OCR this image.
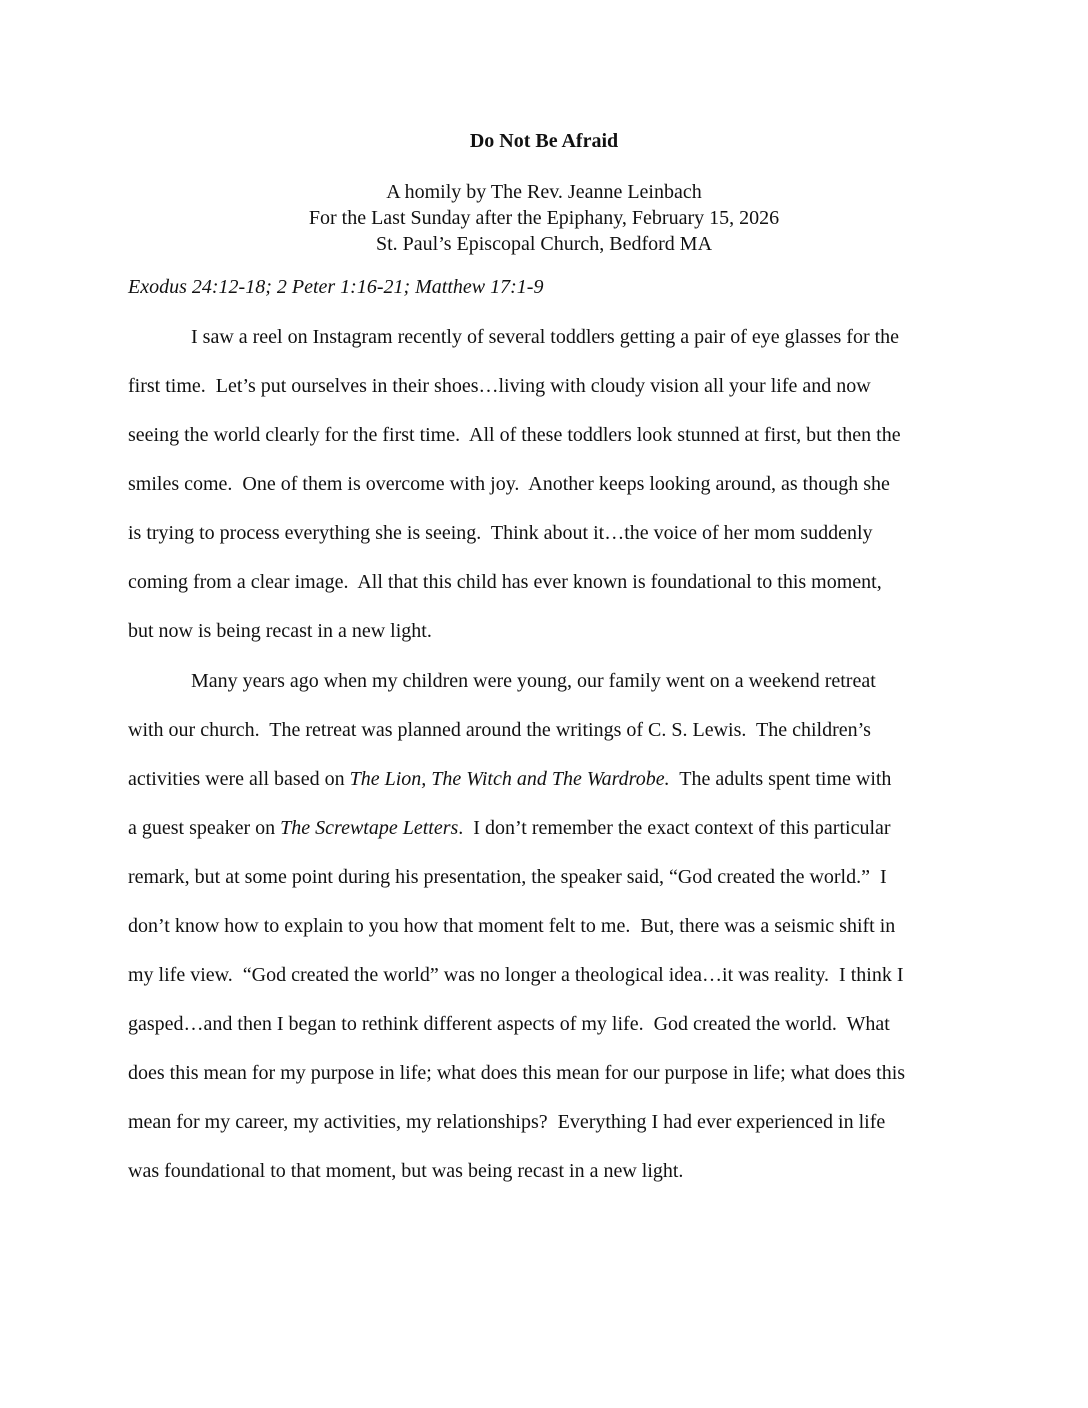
Do Not Be Afraid
A homily by The Rev. Jeanne Leinbach
For the Last Sunday after the Epiphany, February 15, 2026
St. Paul’s Episcopal Church, Bedford MA
Exodus 24:12-18; 2 Peter 1:16-21; Matthew 17:1-9
I saw a reel on Instagram recently of several toddlers getting a pair of eye glasses for the
first time.  Let’s put ourselves in their shoes…living with cloudy vision all your life and now
seeing the world clearly for the first time.  All of these toddlers look stunned at first, but then the
smiles come.  One of them is overcome with joy.  Another keeps looking around, as though she
is trying to process everything she is seeing.  Think about it…the voice of her mom suddenly
coming from a clear image.  All that this child has ever known is foundational to this moment,
but now is being recast in a new light.
Many years ago when my children were young, our family went on a weekend retreat
with our church.  The retreat was planned around the writings of C. S. Lewis.  The children’s
activities were all based on The Lion, The Witch and The Wardrobe.  The adults spent time with
a guest speaker on The Screwtape Letters.  I don’t remember the exact context of this particular
remark, but at some point during his presentation, the speaker said, “God created the world.”  I
don’t know how to explain to you how that moment felt to me.  But, there was a seismic shift in
my life view.  “God created the world” was no longer a theological idea…it was reality.  I think I
gasped…and then I began to rethink different aspects of my life.  God created the world.  What
does this mean for my purpose in life; what does this mean for our purpose in life; what does this
mean for my career, my activities, my relationships?  Everything I had ever experienced in life
was foundational to that moment, but was being recast in a new light.
